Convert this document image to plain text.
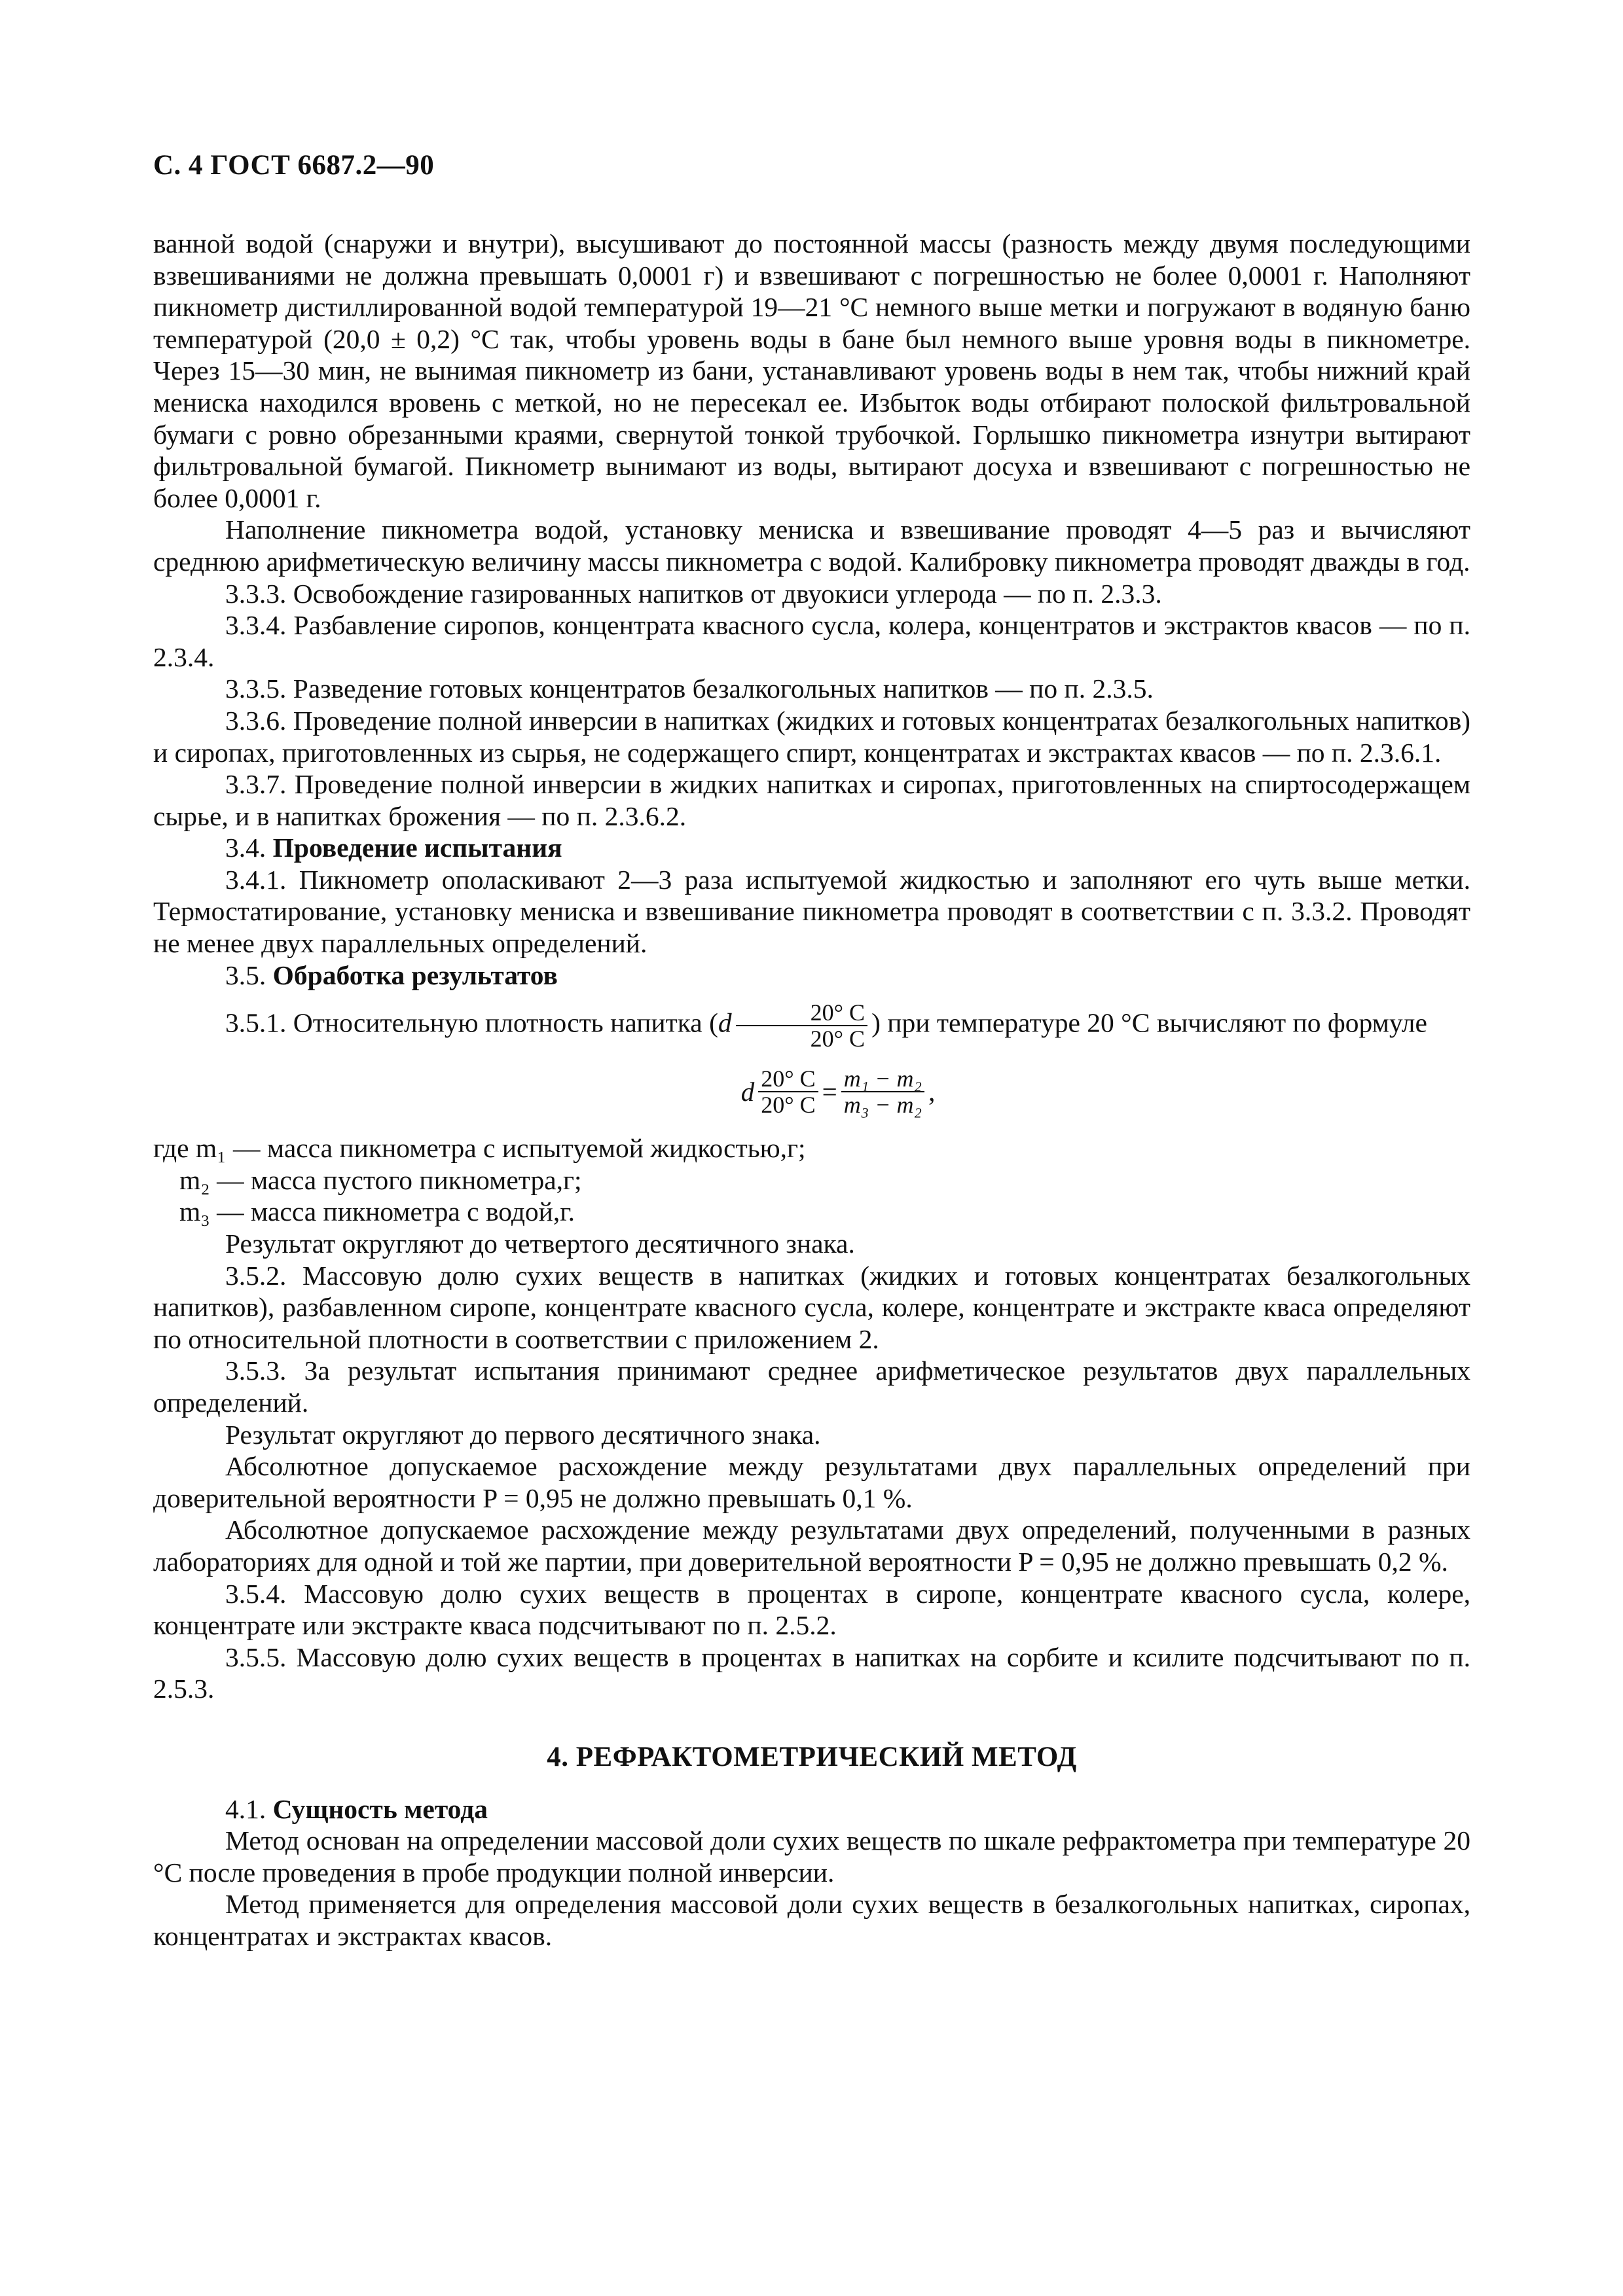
С. 4 ГОСТ 6687.2—90

ванной водой (снаружи и внутри), высушивают до постоянной массы (разность между двумя последующими взвешиваниями не должна превышать 0,0001 г) и взвешивают с погрешностью не более 0,0001 г. Наполняют пикнометр дистиллированной водой температурой 19—21 °С немного выше метки и погружают в водяную баню температурой (20,0 ± 0,2) °С так, чтобы уровень воды в бане был немного выше уровня воды в пикнометре. Через 15—30 мин, не вынимая пикнометр из бани, устанавливают уровень воды в нем так, чтобы нижний край мениска находился вровень с меткой, но не пересекал ее. Избыток воды отбирают полоской фильтровальной бумаги с ровно обрезанными краями, свернутой тонкой трубочкой. Горлышко пикнометра изнутри вытирают фильтровальной бумагой. Пикнометр вынимают из воды, вытирают досуха и взвешивают с погрешностью не более 0,0001 г.

Наполнение пикнометра водой, установку мениска и взвешивание проводят 4—5 раз и вычисляют среднюю арифметическую величину массы пикнометра с водой. Калибровку пикнометра проводят дважды в год.

3.3.3. Освобождение газированных напитков от двуокиси углерода — по п. 2.3.3.

3.3.4. Разбавление сиропов, концентрата квасного сусла, колера, концентратов и экстрактов квасов — по п. 2.3.4.

3.3.5. Разведение готовых концентратов безалкогольных напитков — по п. 2.3.5.

3.3.6. Проведение полной инверсии в напитках (жидких и готовых концентратах безалкогольных напитков) и сиропах, приготовленных из сырья, не содержащего спирт, концентратах и экстрактах квасов — по п. 2.3.6.1.

3.3.7. Проведение полной инверсии в жидких напитках и сиропах, приготовленных на спиртосодержащем сырье, и в напитках брожения — по п. 2.3.6.2.

3.4. Проведение испытания

3.4.1. Пикнометр ополаскивают 2—3 раза испытуемой жидкостью и заполняют его чуть выше метки. Термостатирование, установку мениска и взвешивание пикнометра проводят в соответствии с п. 3.3.2. Проводят не менее двух параллельных определений.

3.5. Обработка результатов

3.5.1. Относительную плотность напитка ($d \frac{20^\circ С}{20^\circ С}$ ) при температуре 20 °С вычисляют по формуле

d $\frac{20^\circ С}{20^\circ С} = \frac{\text{m₁ − m₂}}{\text{m₃ − m₂}}$ ,

где m₁ — масса пикнометра с испытуемой жидкостью,г;

m₂ — масса пустого пикнометра,г;

m₃ — масса пикнометра с водой,г.

Результат округляют до четвертого десятичного знака.

3.5.2. Массовую долю сухих веществ в напитках (жидких и готовых концентратах безалкогольных напитков), разбавленном сиропе, концентрате квасного сусла, колере, концентрате и экстракте кваса определяют по относительной плотности в соответствии с приложением 2.

3.5.3. За результат испытания принимают среднее арифметическое результатов двух параллельных определений.

Результат округляют до первого десятичного знака.

Абсолютное допускаемое расхождение между результатами двух параллельных определений при доверительной вероятности P = 0,95 не должно превышать 0,1 %.

Абсолютное допускаемое расхождение между результатами двух определений, полученными в разных лабораториях для одной и той же партии, при доверительной вероятности P = 0,95 не должно превышать 0,2 %.

3.5.4. Массовую долю сухих веществ в процентах в сиропе, концентрате квасного сусла, колере, концентрате или экстракте кваса подсчитывают по п. 2.5.2.

3.5.5. Массовую долю сухих веществ в процентах в напитках на сорбите и ксилите подсчитывают по п. 2.5.3.

4. РЕФРАКТОМЕТРИЧЕСКИЙ МЕТОД

4.1. Сущность метода

Метод основан на определении массовой доли сухих веществ по шкале рефрактометра при температуре 20 °С после проведения в пробе продукции полной инверсии.

Метод применяется для определения массовой доли сухих веществ в безалкогольных напитках, сиропах, концентратах и экстрактах квасов.
